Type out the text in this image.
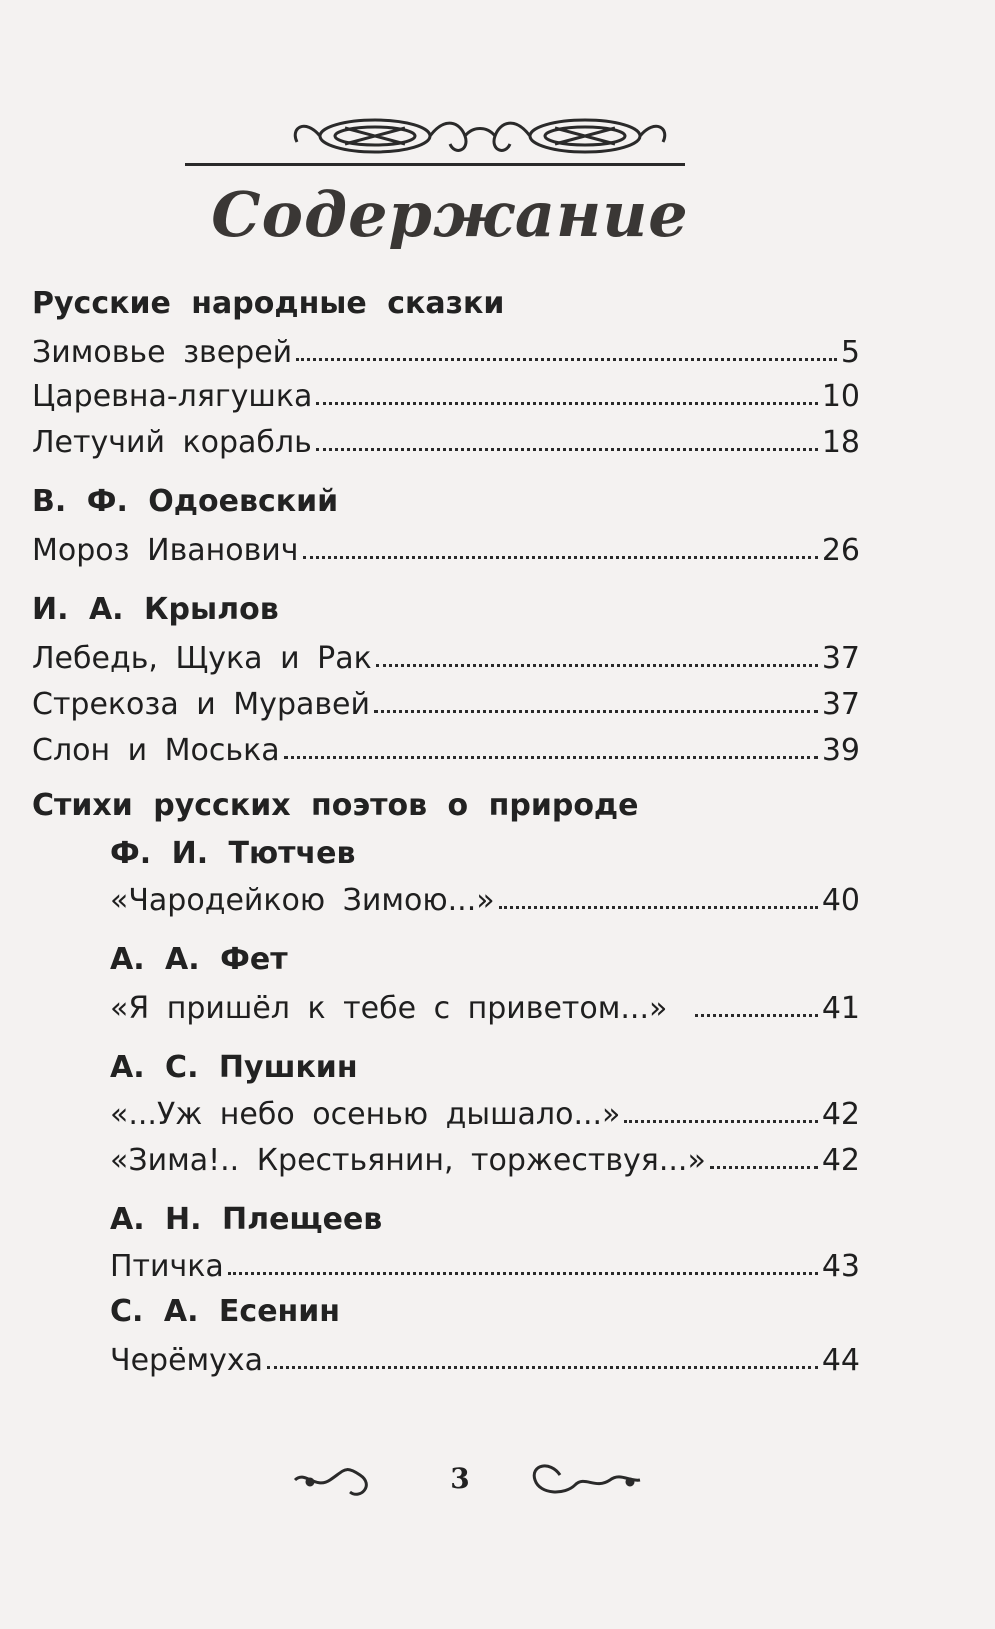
Содержание
Русские народные сказки
Зимовье зверей	5
Царевна-лягушка	10
Летучий корабль	18
В. Ф. Одоевский
Мороз Иванович	26
И. А. Крылов
Лебедь, Щука и Рак	37
Стрекоза и Муравей	37
Слон и Моська	39
Стихи русских поэтов о природе
Ф. И. Тютчев
«Чародейкою Зимою...»	40
А. А. Фет
«Я пришёл к тебе с приветом...»	41
А. С. Пушкин
«...Уж небо осенью дышало...»	42
«Зима!.. Крестьянин, торжествуя...»	42
А. Н. Плещеев
Птичка	43
С. А. Есенин
Черёмуха	44
3
